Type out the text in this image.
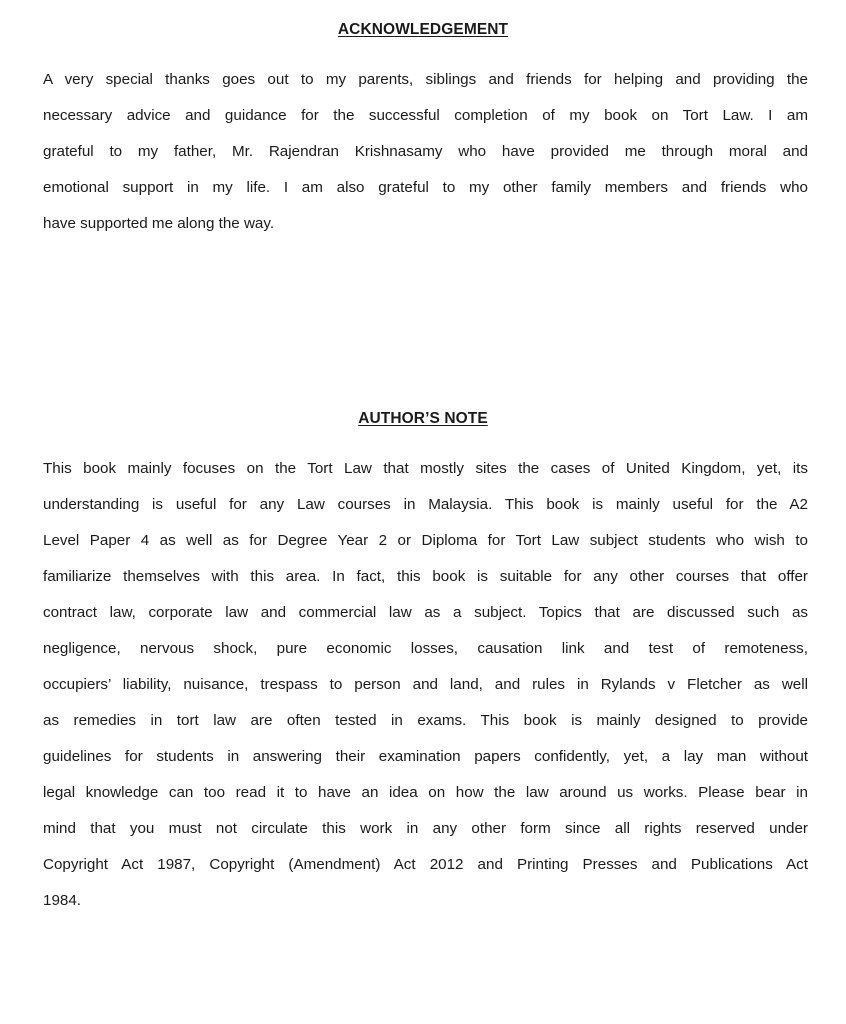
ACKNOWLEDGEMENT
A very special thanks goes out to my parents, siblings and friends for helping and providing the
necessary advice and guidance for the successful completion of my book on Tort Law. I am
grateful to my father, Mr. Rajendran Krishnasamy who have provided me through moral and
emotional support in my life. I am also grateful to my other family members and friends who
have supported me along the way.
AUTHOR’S NOTE
This book mainly focuses on the Tort Law that mostly sites the cases of United Kingdom, yet, its
understanding is useful for any Law courses in Malaysia. This book is mainly useful for the A2
Level Paper 4 as well as for Degree Year 2 or Diploma for Tort Law subject students who wish to
familiarize themselves with this area. In fact, this book is suitable for any other courses that offer
contract law, corporate law and commercial law as a subject. Topics that are discussed such as
negligence, nervous shock, pure economic losses, causation link and test of remoteness,
occupiers’ liability, nuisance, trespass to person and land, and rules in Rylands v Fletcher as well
as remedies in tort law are often tested in exams. This book is mainly designed to provide
guidelines for students in answering their examination papers confidently, yet, a lay man without
legal knowledge can too read it to have an idea on how the law around us works. Please bear in
mind that you must not circulate this work in any other form since all rights reserved under
Copyright Act 1987, Copyright (Amendment) Act 2012 and Printing Presses and Publications Act
1984.
